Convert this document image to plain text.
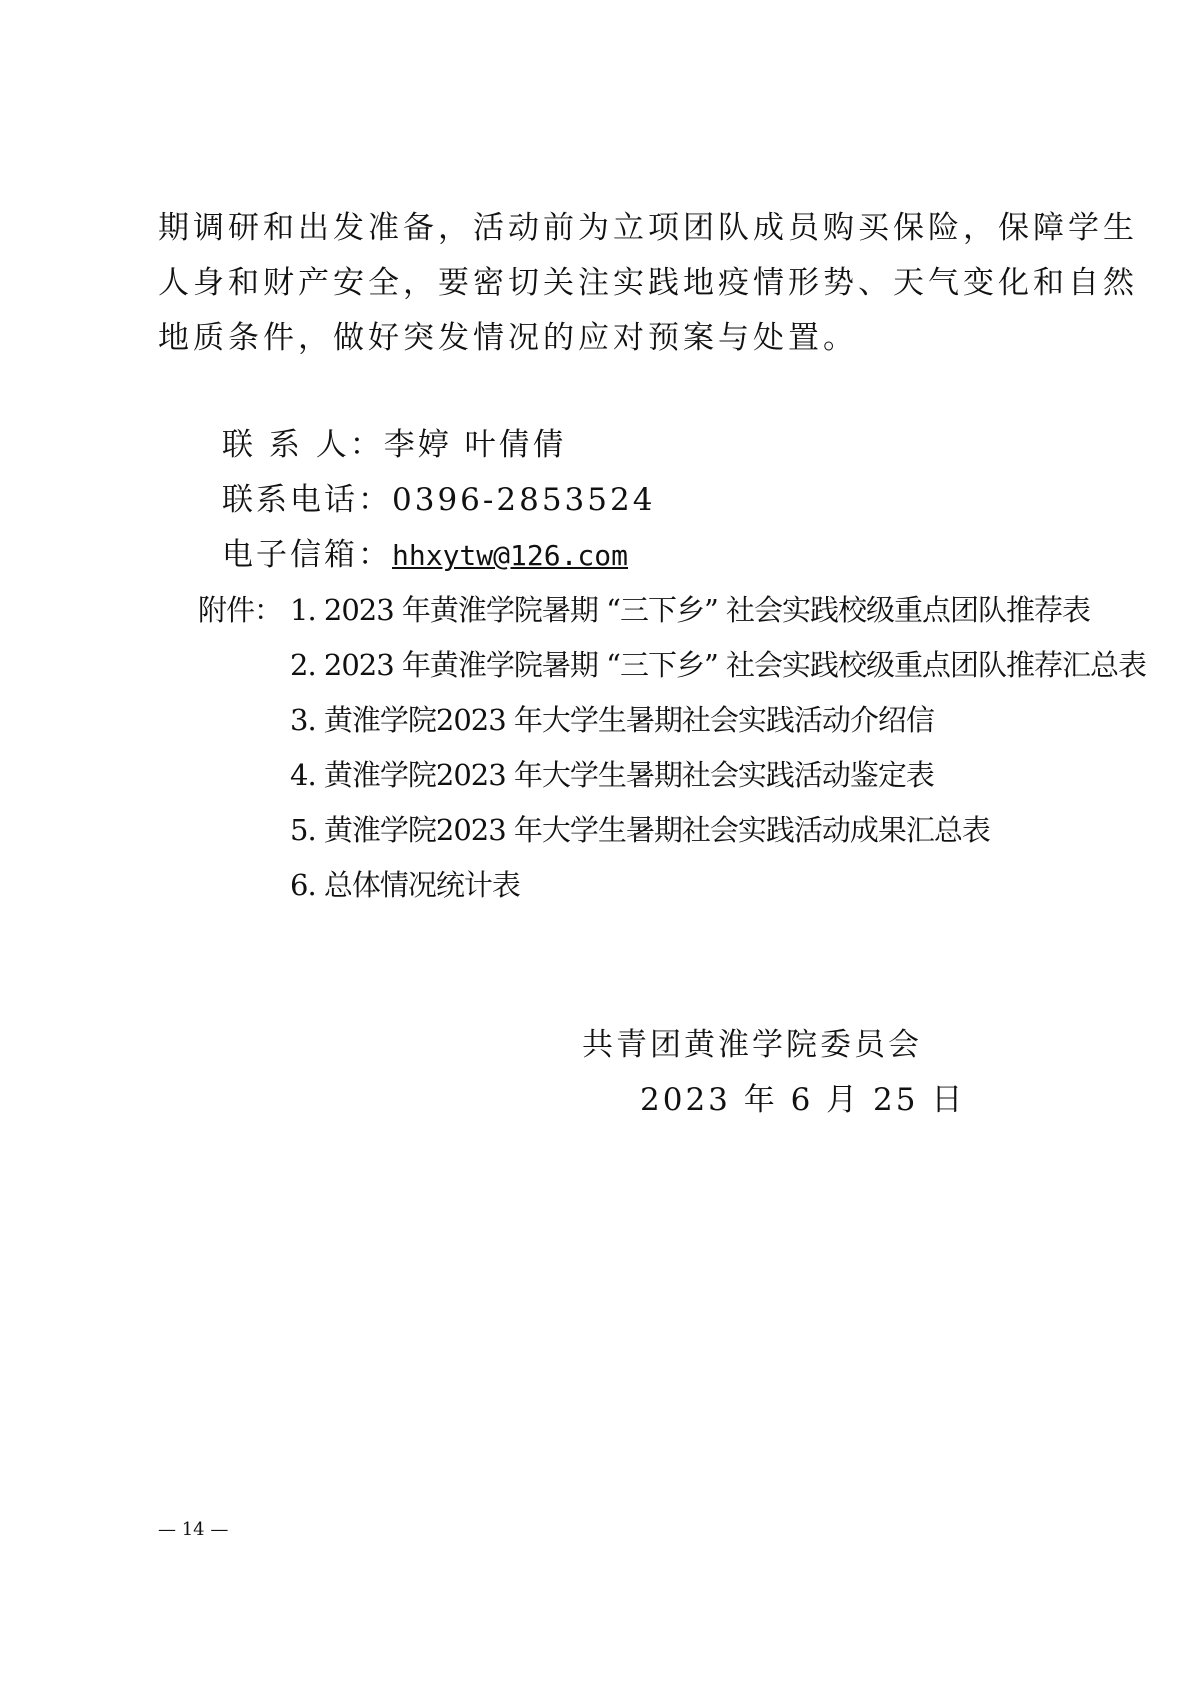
期调研和出发准备，活动前为立项团队成员购买保险，保障学生
人身和财产安全，要密切关注实践地疫情形势、天气变化和自然
地质条件，做好突发情况的应对预案与处置。
联 系 人：李婷 叶倩倩
联系电话：0396-2853524
电子信箱：hhxytw@126.com
附件： 1. 2023 年黄淮学院暑期 “三下乡” 社会实践校级重点团队推荐表
2. 2023 年黄淮学院暑期 “三下乡” 社会实践校级重点团队推荐汇总表
3. 黄淮学院2023 年大学生暑期社会实践活动介绍信
4. 黄淮学院2023 年大学生暑期社会实践活动鉴定表
5. 黄淮学院2023 年大学生暑期社会实践活动成果汇总表
6. 总体情况统计表
共青团黄淮学院委员会
2023 年 6 月 25 日
— 14 —
